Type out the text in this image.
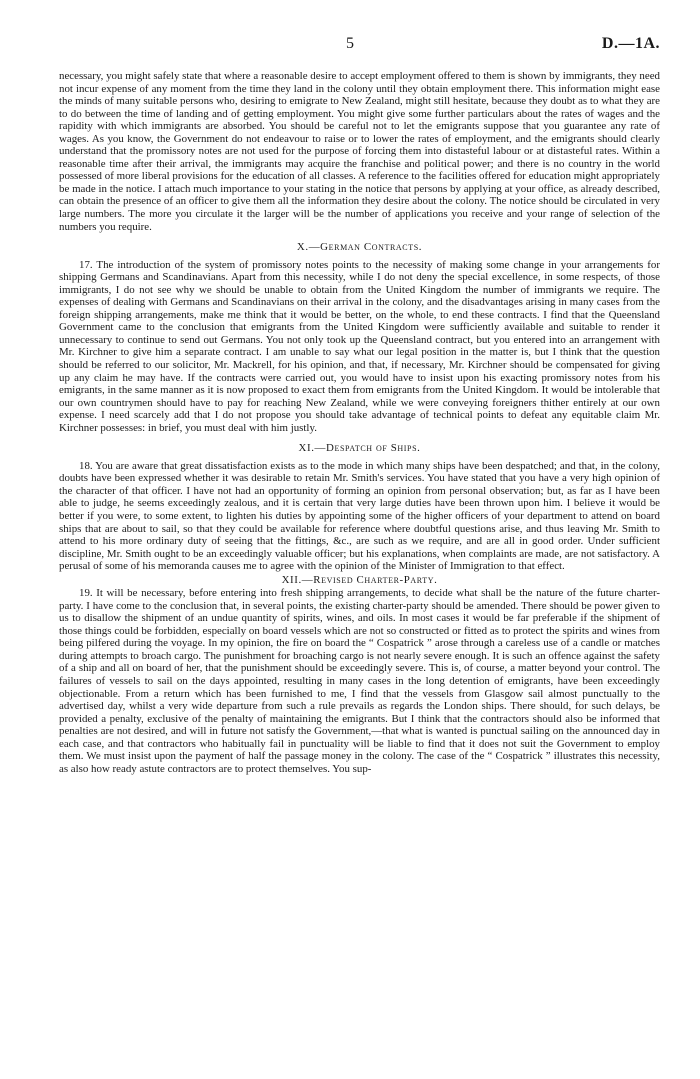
5	D.—1A.

necessary, you might safely state that where a reasonable desire to accept employment offered to them is shown by immigrants, they need not incur expense of any moment from the time they land in the colony until they obtain employment there. This information might ease the minds of many suitable persons who, desiring to emigrate to New Zealand, might still hesitate, because they doubt as to what they are to do between the time of landing and of getting employment. You might give some further particulars about the rates of wages and the rapidity with which immigrants are absorbed. You should be careful not to let the emigrants suppose that you guarantee any rate of wages. As you know, the Government do not endeavour to raise or to lower the rates of employment, and the emigrants should clearly understand that the promissory notes are not used for the purpose of forcing them into distasteful labour or at distasteful rates. Within a reasonable time after their arrival, the immigrants may acquire the franchise and political power; and there is no country in the world possessed of more liberal provisions for the education of all classes. A reference to the facilities offered for education might appropriately be made in the notice. I attach much importance to your stating in the notice that persons by applying at your office, as already described, can obtain the presence of an officer to give them all the information they desire about the colony. The notice should be circulated in very large numbers. The more you circulate it the larger will be the number of applications you receive and your range of selection of the numbers you require.

X.—German Contracts.

17. The introduction of the system of promissory notes points to the necessity of making some change in your arrangements for shipping Germans and Scandinavians. Apart from this necessity, while I do not deny the special excellence, in some respects, of those immigrants, I do not see why we should be unable to obtain from the United Kingdom the number of immigrants we require. The expenses of dealing with Germans and Scandinavians on their arrival in the colony, and the disadvantages arising in many cases from the foreign shipping arrangements, make me think that it would be better, on the whole, to end these contracts. I find that the Queensland Government came to the conclusion that emigrants from the United Kingdom were sufficiently available and suitable to render it unnecessary to continue to send out Germans. You not only took up the Queensland contract, but you entered into an arrangement with Mr. Kirchner to give him a separate contract. I am unable to say what our legal position in the matter is, but I think that the question should be referred to our solicitor, Mr. Mackrell, for his opinion, and that, if necessary, Mr. Kirchner should be compensated for giving up any claim he may have. If the contracts were carried out, you would have to insist upon his exacting promissory notes from his emigrants, in the same manner as it is now proposed to exact them from emigrants from the United Kingdom. It would be intolerable that our own countrymen should have to pay for reaching New Zealand, while we were conveying foreigners thither entirely at our own expense. I need scarcely add that I do not propose you should take advantage of technical points to defeat any equitable claim Mr. Kirchner possesses: in brief, you must deal with him justly.

XI.—Despatch of Ships.

18. You are aware that great dissatisfaction exists as to the mode in which many ships have been despatched; and that, in the colony, doubts have been expressed whether it was desirable to retain Mr. Smith's services. You have stated that you have a very high opinion of the character of that officer. I have not had an opportunity of forming an opinion from personal observation; but, as far as I have been able to judge, he seems exceedingly zealous, and it is certain that very large duties have been thrown upon him. I believe it would be better if you were, to some extent, to lighten his duties by appointing some of the higher officers of your department to attend on board ships that are about to sail, so that they could be available for reference where doubtful questions arise, and thus leaving Mr. Smith to attend to his more ordinary duty of seeing that the fittings, &c., are such as we require, and are all in good order. Under sufficient discipline, Mr. Smith ought to be an exceedingly valuable officer; but his explanations, when complaints are made, are not satisfactory. A perusal of some of his memoranda causes me to agree with the opinion of the Minister of Immigration to that effect.

XII.—Revised Charter-Party.

19. It will be necessary, before entering into fresh shipping arrangements, to decide what shall be the nature of the future charter-party. I have come to the conclusion that, in several points, the existing charter-party should be amended. There should be power given to us to disallow the shipment of an undue quantity of spirits, wines, and oils. In most cases it would be far preferable if the shipment of those things could be forbidden, especially on board vessels which are not so constructed or fitted as to protect the spirits and wines from being pilfered during the voyage. In my opinion, the fire on board the “ Cospatrick ” arose through a careless use of a candle or matches during attempts to broach cargo. The punishment for broaching cargo is not nearly severe enough. It is such an offence against the safety of a ship and all on board of her, that the punishment should be exceedingly severe. This is, of course, a matter beyond your control. The failures of vessels to sail on the days appointed, resulting in many cases in the long detention of emigrants, have been exceedingly objectionable. From a return which has been furnished to me, I find that the vessels from Glasgow sail almost punctually to the advertised day, whilst a very wide departure from such a rule prevails as regards the London ships. There should, for such delays, be provided a penalty, exclusive of the penalty of maintaining the emigrants. But I think that the contractors should also be informed that penalties are not desired, and will in future not satisfy the Government,—that what is wanted is punctual sailing on the announced day in each case, and that contractors who habitually fail in punctuality will be liable to find that it does not suit the Government to employ them. We must insist upon the payment of half the passage money in the colony. The case of the “ Cospatrick ” illustrates this necessity, as also how ready astute contractors are to protect themselves. You sup-
